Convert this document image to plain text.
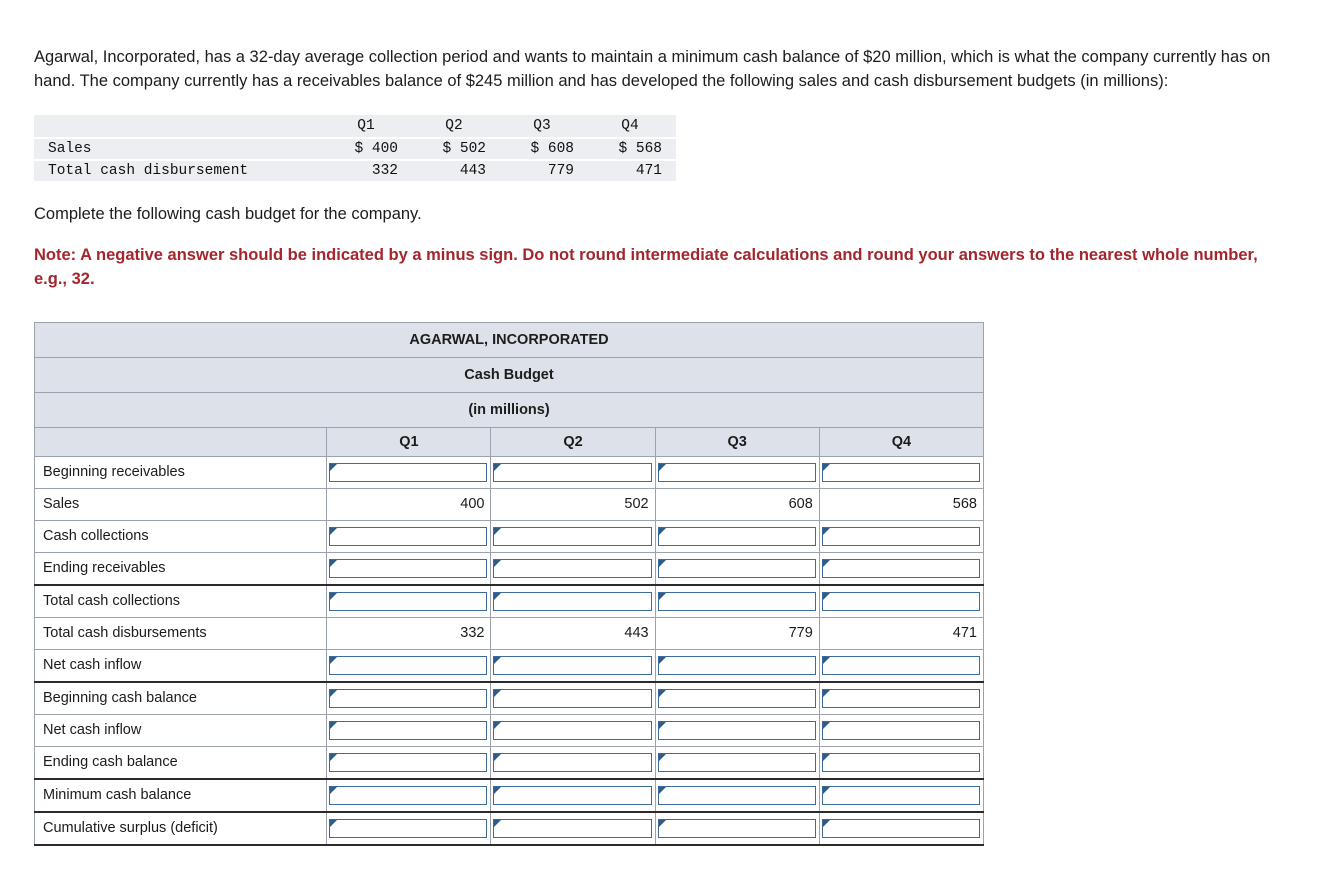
Agarwal, Incorporated, has a 32-day average collection period and wants to maintain a minimum cash balance of $20 million, which is what the company currently has on hand. The company currently has a receivables balance of $245 million and has developed the following sales and cash disbursement budgets (in millions):

	Q1	Q2	Q3	Q4

Sales	$ 400	$ 502	$ 608	$ 568

Total cash disbursement	332	443	779	471

Complete the following cash budget for the company.

Note: A negative answer should be indicated by a minus sign. Do not round intermediate calculations and round your answers to the nearest whole number, e.g., 32.

AGARWAL, INCORPORATED				
Cash Budget				
(in millions)				
	Q1	Q2	Q3	Q4
Beginning receivables	

Sales	400	502	608	568

Cash collections	

Ending receivables	

Total cash collections	

Total cash disbursements	332	443	779	471

Net cash inflow	

Beginning cash balance	

Net cash inflow	

Ending cash balance	

Minimum cash balance	

Cumulative surplus (deficit)	
